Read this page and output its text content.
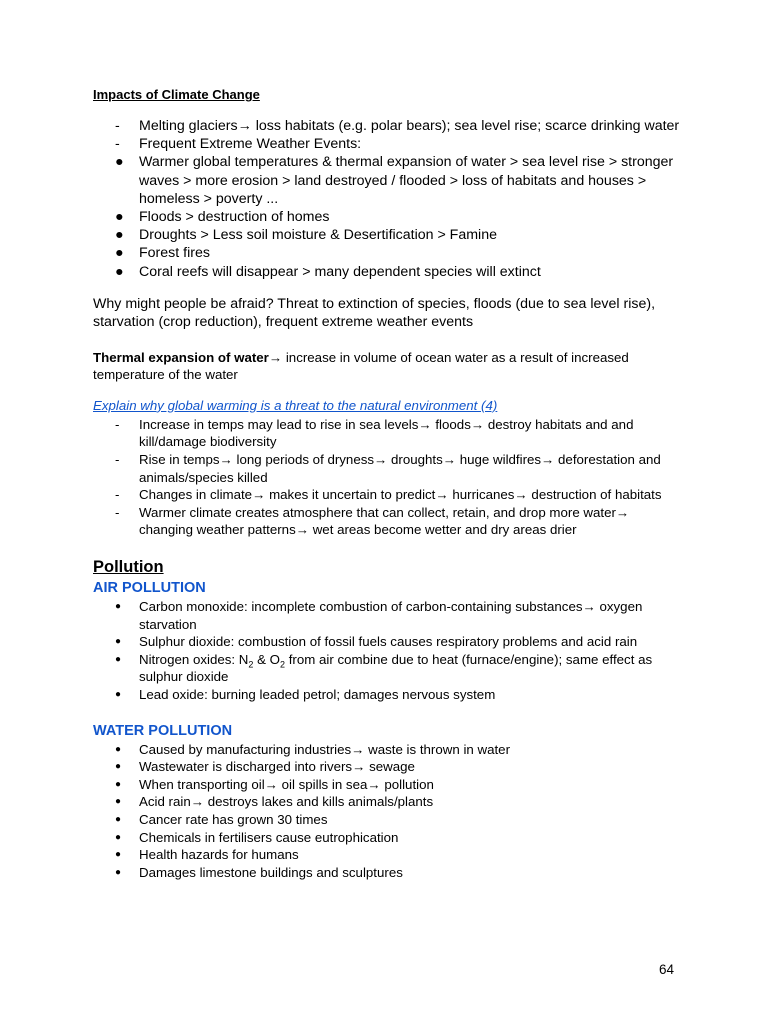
Impacts of Climate Change

-	Melting glaciers→ loss habitats (e.g. polar bears); sea level rise; scarce drinking water
-	Frequent Extreme Weather Events:
●	Warmer global temperatures & thermal expansion of water > sea level rise > stronger waves > more erosion > land destroyed / flooded > loss of habitats and houses > homeless > poverty ...
●	Floods > destruction of homes
●	Droughts > Less soil moisture & Desertification > Famine
●	Forest fires
●	Coral reefs will disappear > many dependent species will extinct

Why might people be afraid? Threat to extinction of species, floods (due to sea level rise), starvation (crop reduction), frequent extreme weather events

Thermal expansion of water→ increase in volume of ocean water as a result of increased temperature of the water

Explain why global warming is a threat to the natural environment (4)

-	Increase in temps may lead to rise in sea levels→ floods→ destroy habitats and and kill/damage biodiversity
-	Rise in temps→ long periods of dryness→ droughts→ huge wildfires→ deforestation and animals/species killed
-	Changes in climate→ makes it uncertain to predict→ hurricanes→ destruction of habitats
-	Warmer climate creates atmosphere that can collect, retain, and drop more water→ changing weather patterns→ wet areas become wetter and dry areas drier
Pollution
AIR POLLUTION
●	Carbon monoxide: incomplete combustion of carbon-containing substances→ oxygen starvation
●	Sulphur dioxide: combustion of fossil fuels causes respiratory problems and acid rain
●	Nitrogen oxides: $N_2$ & $O_2$ from air combine due to heat (furnace/engine); same effect as sulphur dioxide
●	Lead oxide: burning leaded petrol; damages nervous system
WATER POLLUTION
●	Caused by manufacturing industries→ waste is thrown in water
●	Wastewater is discharged into rivers→ sewage
●	When transporting oil→ oil spills in sea→ pollution
●	Acid rain→ destroys lakes and kills animals/plants
●	Cancer rate has grown 30 times
●	Chemicals in fertilisers cause eutrophication
●	Health hazards for humans
●	Damages limestone buildings and sculptures
64
